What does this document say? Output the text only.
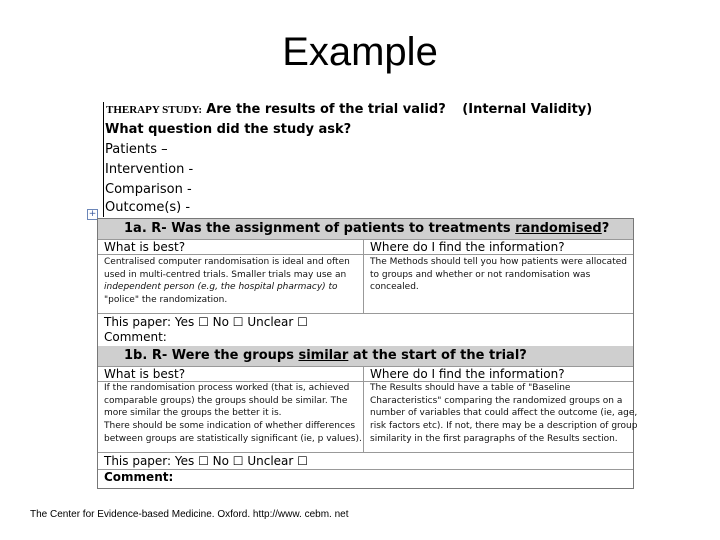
Example
THERAPY STUDY: Are the results of the trial valid? (Internal Validity)
What question did the study ask?
Patients –
Intervention -
Comparison -
Outcome(s) -
+
1a. R- Was the assignment of patients to treatments randomised?
What is best?	Where do I find the information?
Centralised computer randomisation is ideal and often
used in multi-centred trials. Smaller trials may use an
independent person (e.g, the hospital pharmacy) to
"police" the randomization.
The Methods should tell you how patients were allocated
to groups and whether or not randomisation was
concealed.
This paper: Yes ☐ No ☐ Unclear ☐
Comment:
1b. R- Were the groups similar at the start of the trial?
What is best?	Where do I find the information?
If the randomisation process worked (that is, achieved
comparable groups) the groups should be similar. The
more similar the groups the better it is.
There should be some indication of whether differences
between groups are statistically significant (ie, p values).
The Results should have a table of "Baseline
Characteristics" comparing the randomized groups on a
number of variables that could affect the outcome (ie, age,
risk factors etc). If not, there may be a description of group
similarity in the first paragraphs of the Results section.
This paper: Yes ☐ No ☐ Unclear ☐
Comment:
The Center for Evidence-based Medicine. Oxford. http://www. cebm. net
